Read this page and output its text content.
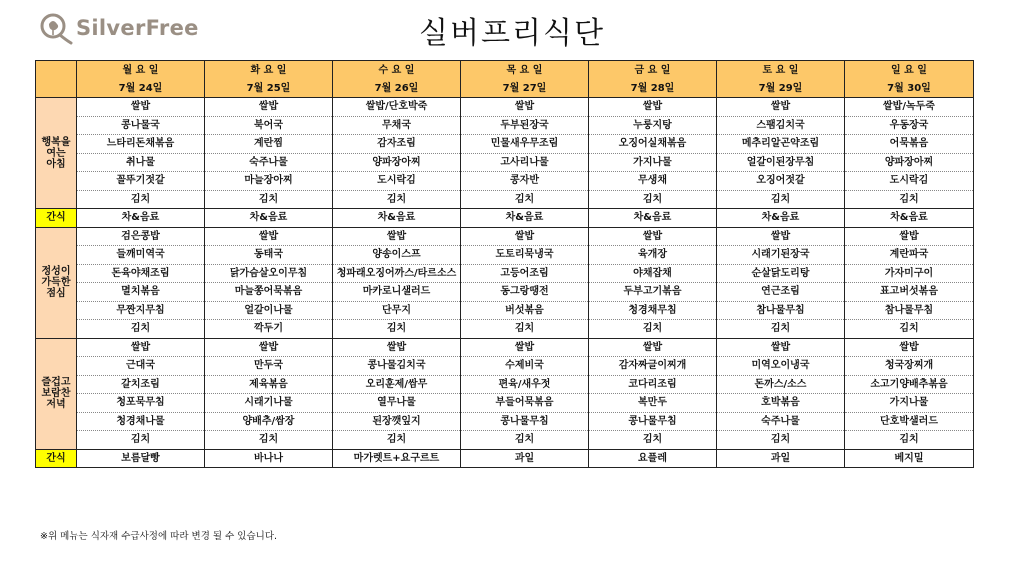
SilverFree	실버프리식단
	월 요 일	화 요 일	수 요 일	목 요 일	금 요 일	토 요 일	일 요 일
	7월 24일	7월 25일	7월 26일	7월 27일	7월 28일	7월 29일	7월 30일

행복을
여는
아침	쌀밥	쌀밥	쌀밥/단호박죽	쌀밥	쌀밥	쌀밥	쌀밥/녹두죽
	콩나물국	북어국	무채국	두부된장국	누룽지탕	스팸김치국	우동장국
	느타리돈채볶음	계란찜	감자조림	민물새우무조림	오징어실채볶음	메추리알곤약조림	어묵볶음
	취나물	숙주나물	양파장아찌	고사리나물	가지나물	얼갈이된장무침	양파장아찌
	꼴뚜기젓갈	마늘장아찌	도시락김	콩자반	무생채	오징어젓갈	도시락김
	김치	김치	김치	김치	김치	김치	김치
간식	차&음료	차&음료	차&음료	차&음료	차&음료	차&음료	차&음료

정성이
가득한
점심	검은콩밥	쌀밥	쌀밥	쌀밥	쌀밥	쌀밥	쌀밥
	들깨미역국	동태국	양송이스프	도토리묵냉국	육개장	시래기된장국	계란파국
	돈육야채조림	닭가슴살오이무침	청파래오징어까스/타르소스	고등어조림	야채잡채	순살닭도리탕	가자미구이
	멸치볶음	마늘쫑어묵볶음	마카로니샐러드	동그랑땡전	두부고기볶음	연근조림	표고버섯볶음
	무짠지무침	얼갈이나물	단무지	버섯볶음	청경채무침	참나물무침	참나물무침
	김치	깍두기	김치	김치	김치	김치	김치

즐겁고
보람찬
저녁	쌀밥	쌀밥	쌀밥	쌀밥	쌀밥	쌀밥	쌀밥
	근대국	만두국	콩나물김치국	수제비국	감자짜글이찌개	미역오이냉국	청국장찌개
	갈치조림	제육볶음	오리훈제/쌈무	편육/새우젓	코다리조림	돈까스/소스	소고기양배추볶음
	청포묵무침	시래기나물	열무나물	부들어묵볶음	복만두	호박볶음	가지나물
	청경채나물	양배추/쌈장	된장깻잎지	콩나물무침	콩나물무침	숙주나물	단호박샐러드
	김치	김치	김치	김치	김치	김치	김치
간식	보름달빵	바나나	마가렛트+요구르트	과일	요플레	과일	베지밀
※위 메뉴는 식자재 수급사정에 따라 변경 될 수 있습니다.
